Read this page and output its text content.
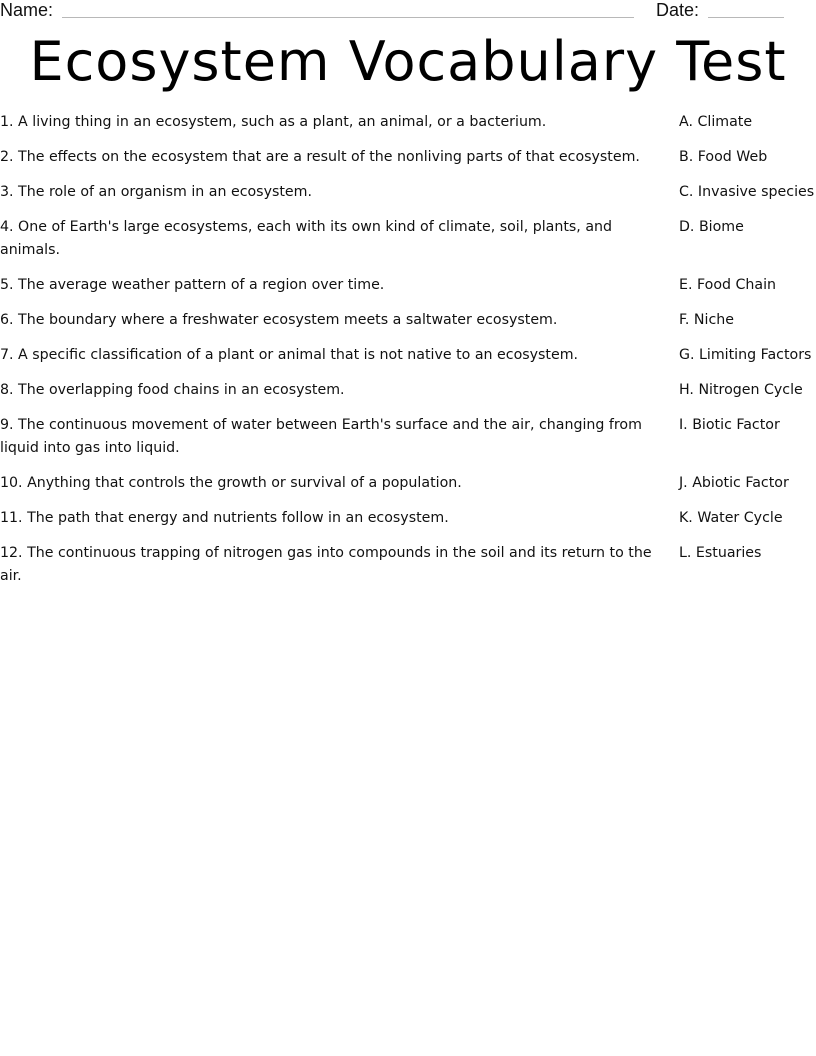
Name:	Date:
Ecosystem Vocabulary Test
1. A living thing in an ecosystem, such as a plant, an animal, or a bacterium.	A. Climate
2. The effects on the ecosystem that are a result of the nonliving parts of that ecosystem.	B. Food Web
3. The role of an organism in an ecosystem.	C. Invasive species
4. One of Earth's large ecosystems, each with its own kind of climate, soil, plants, and animals.
D. Biome
5. The average weather pattern of a region over time.	E. Food Chain
6. The boundary where a freshwater ecosystem meets a saltwater ecosystem.	F. Niche
7. A specific classification of a plant or animal that is not native to an ecosystem.	G. Limiting Factors
8. The overlapping food chains in an ecosystem.	H. Nitrogen Cycle
9. The continuous movement of water between Earth's surface and the air, changing from liquid into gas into liquid.
I. Biotic Factor
10. Anything that controls the growth or survival of a population.	J. Abiotic Factor
11. The path that energy and nutrients follow in an ecosystem.	K. Water Cycle
12. The continuous trapping of nitrogen gas into compounds in the soil and its return to the air.
L. Estuaries
